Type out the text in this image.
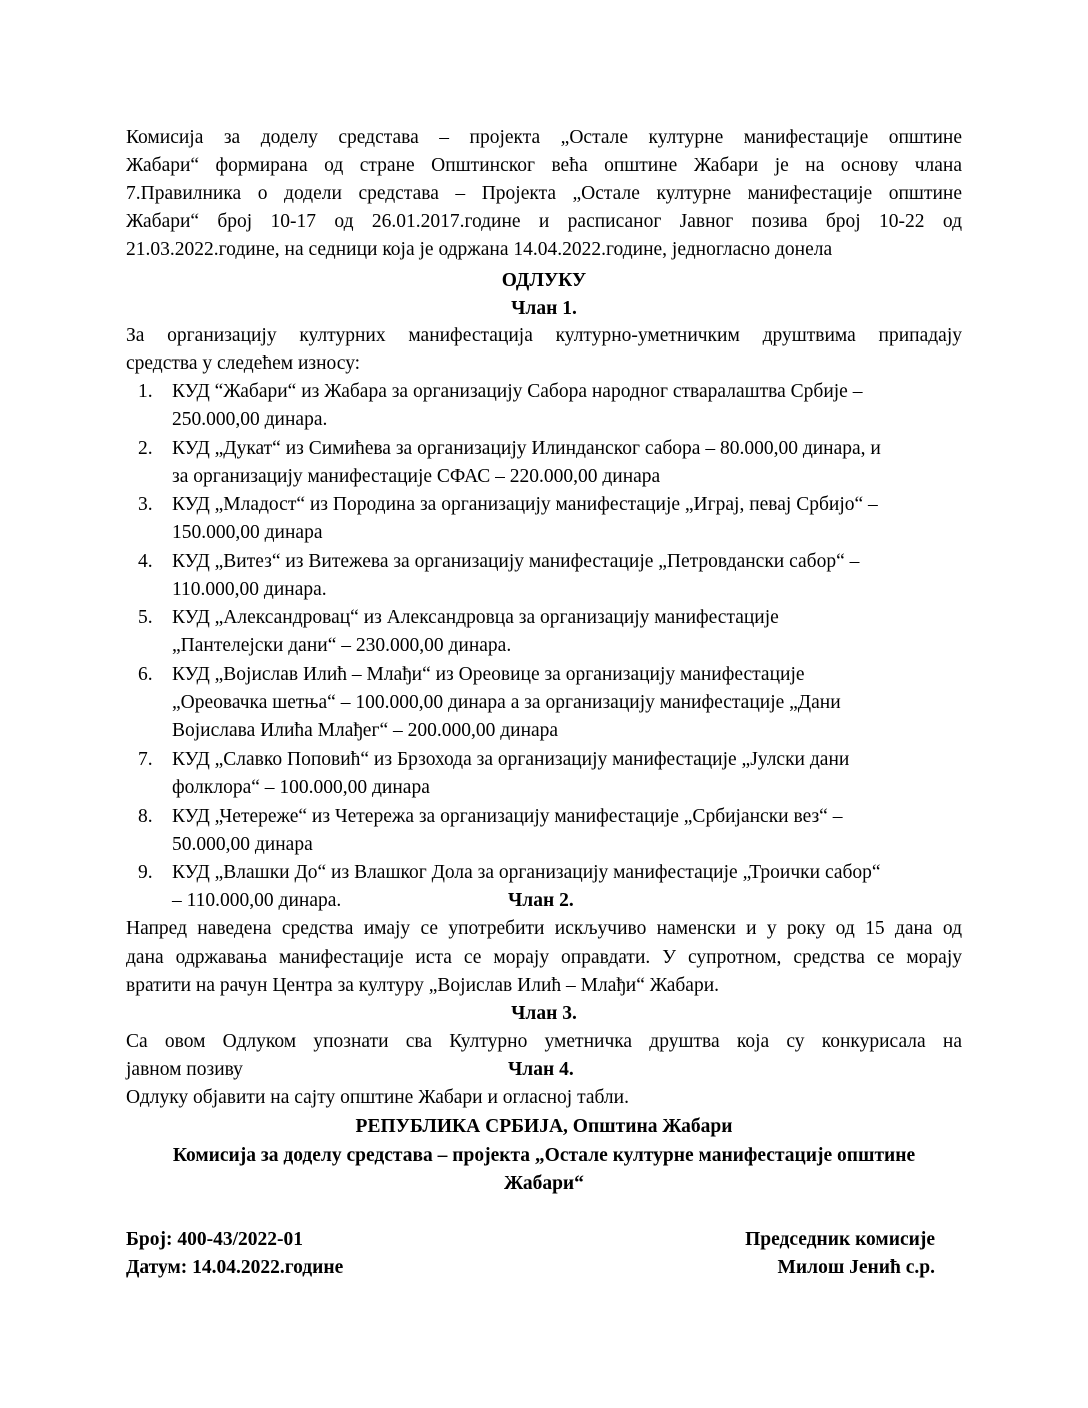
Комисија за доделу средстава – пројекта „Остале културне манифестације општине
Жабари“ формирана од стране Општинског већа општине Жабари је на основу члана
7.Правилника о додели средстава – Пројекта „Остале културне манифестације општине
Жабари“ број 10-17 од 26.01.2017.године и расписаног Јавног позива број 10-22 од
21.03.2022.године, на седници која је одржана 14.04.2022.године, једногласно донела
ОДЛУКУ
Члан 1.
За организацију културних манифестација културно-уметничким друштвима припадају
средства у следећем износу:
1. КУД “Жабари“ из Жабара за организацију Сабора народног стваралаштва Србије –
250.000,00 динара.
2. КУД „Дукат“ из Симићева за организацију Илинданског сабора – 80.000,00 динара, и
за организацију манифестације СФАС – 220.000,00 динара
3. КУД „Младост“ из Породина за организацију манифестације „Играј, певај Србијо“ –
150.000,00 динара
4. КУД „Витез“ из Витежева за организацију манифестације „Петровдански сабор“ –
110.000,00 динара.
5. КУД „Александровац“ из Александровца за организацију манифестације
„Пантелејски дани“ – 230.000,00 динара.
6. КУД „Војислав Илић – Млађи“ из Ореовице за организацију манифестације
„Ореовачка шетња“ – 100.000,00 динара а за организацију манифестације „Дани
Војислава Илића Млађег“ – 200.000,00 динара
7. КУД „Славко Поповић“ из Брзохода за организацију манифестације „Јулски дани
фолклора“ – 100.000,00 динара
8. КУД „Четереже“ из Четережа за организацију манифестације „Србијански вез“ –
50.000,00 динара
9. КУД „Влашки До“ из Влашког Дола за организацију манифестације „Троички сабор“
– 110.000,00 динара.	Члан 2.
Напред наведена средства имају се употребити искључиво наменски и у року од 15 дана од
дана одржавања манифестације иста се морају оправдати. У супротном, средства се морају
вратити на рачун Центра за културу „Војислав Илић – Млађи“ Жабари.
Члан 3.
Са овом Одлуком упознати сва Културно уметничка друштва која су конкурисала на
јавном позиву	Члан 4.
Одлуку објавити на сајту општине Жабари и огласној табли.
РЕПУБЛИКА СРБИЈА, Општина Жабари
Комисија за доделу средстава – пројекта „Остале културне манифестације општине
Жабари“
Број: 400-43/2022-01
Датум: 14.04.2022.године
Председник комисије
Милош Јенић с.р.
